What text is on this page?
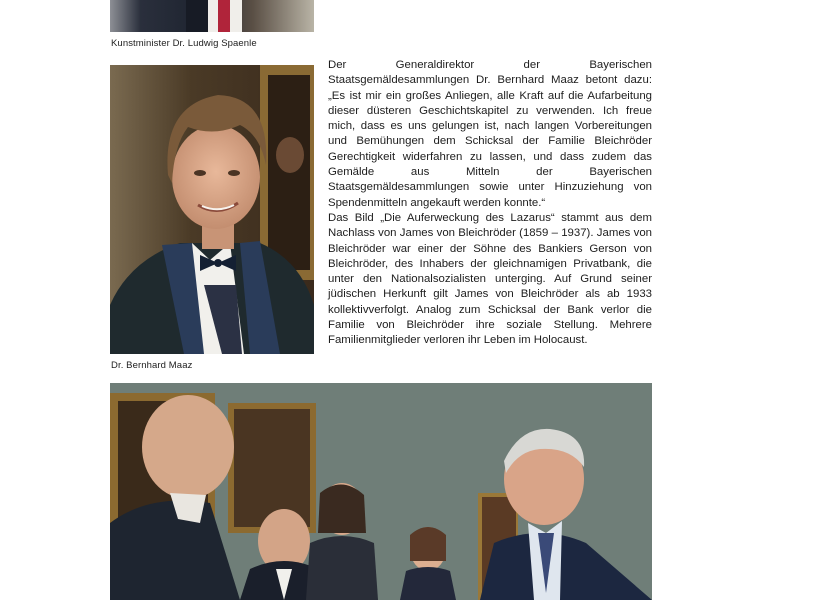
Kunstminister Dr. Ludwig Spaenle
Dr. Bernhard Maaz

Der Generaldirektor der Bayerischen Staatsgemäldesammlungen Dr. Bernhard Maaz betont dazu: „Es ist mir ein großes Anliegen, alle Kraft auf die Aufarbeitung dieser düsteren Geschichtskapitel zu verwenden. Ich freue mich, dass es uns gelungen ist, nach langen Vorbereitungen und Bemühungen dem Schicksal der Familie Bleichröder Gerechtigkeit widerfahren zu lassen, und dass zudem das Gemälde aus Mitteln der Bayerischen Staatsgemäldesammlungen sowie unter Hinzuziehung von Spendenmitteln angekauft werden konnte.“

Das Bild „Die Auferweckung des Lazarus“ stammt aus dem Nachlass von James von Bleichröder (1859 – 1937). James von Bleichröder war einer der Söhne des Bankiers Gerson von Bleichröder, des Inhabers der gleichnamigen Privatbank, die unter den Nationalsozialisten unterging. Auf Grund seiner jüdischen Herkunft gilt James von Bleichröder als ab 1933 kollektivverfolgt. Analog zum Schicksal der Bank verlor die Familie von Bleichröder ihre soziale Stellung. Mehrere Familienmitglieder verloren ihr Leben im Holocaust.
